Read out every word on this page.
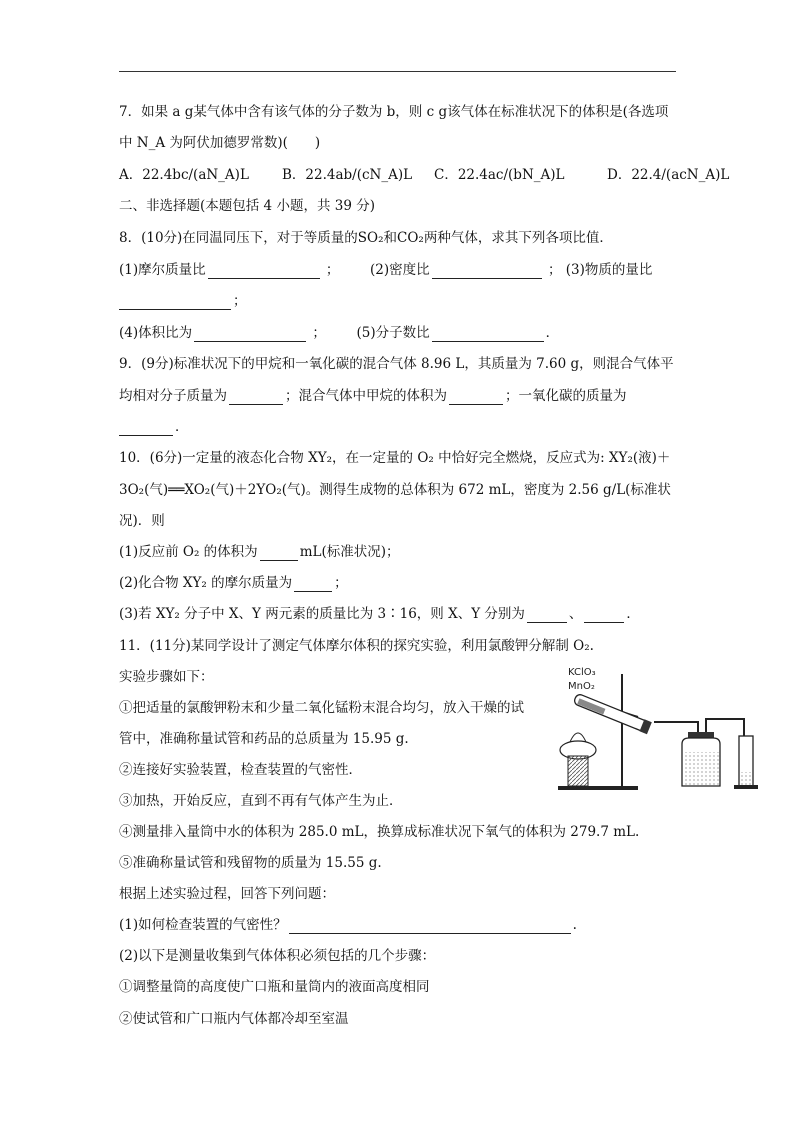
7．如果 a g某气体中含有该气体的分子数为 b，则 c g该气体在标准状况下的体积是(各选项
中 N_A 为阿伏加德罗常数)(　　)
A．22.4bc/(aN_A)L B．22.4ab/(cN_A)L C．22.4ac/(bN_A)L	D．22.4/(acN_A)L
二、非选择题(本题包括 4 小题，共 39 分)
8．(10分)在同温同压下，对于等质量的SO₂和CO₂两种气体，求其下列各项比值．
(1)摩尔质量比	； (2)密度比	； (3)物质的量比
；
(4)体积比为	； (5)分子数比	．
9．(9分)标准状况下的甲烷和一氧化碳的混合气体 8.96 L，其质量为 7.60 g，则混合气体平
均相对分子质量为	；混合气体中甲烷的体积为	；一氧化碳的质量为
．
10．(6分)一定量的液态化合物 XY₂，在一定量的 O₂ 中恰好完全燃烧，反应式为: XY₂(液)＋
3O₂(气)══XO₂(气)＋2YO₂(气)。测得生成物的总体积为 672 mL，密度为 2.56 g/L(标准状
况)．则
(1)反应前 O₂ 的体积为	mL(标准状况)；
(2)化合物 XY₂ 的摩尔质量为	；
(3)若 XY₂ 分子中 X、Y 两元素的质量比为 3∶16，则 X、Y 分别为	、	．
11．(11分)某同学设计了测定气体摩尔体积的探究实验，利用氯酸钾分解制 O₂.
实验步骤如下：
①把适量的氯酸钾粉末和少量二氧化锰粉末混合均匀，放入干燥的试
管中，准确称量试管和药品的总质量为 15.95 g.
②连接好实验装置，检查装置的气密性．
③加热，开始反应，直到不再有气体产生为止．
④测量排入量筒中水的体积为 285.0 mL，换算成标准状况下氧气的体积为 279.7 mL.
⑤准确称量试管和残留物的质量为 15.55 g.
根据上述实验过程，回答下列问题：
(1)如何检查装置的气密性？	.
(2)以下是测量收集到气体体积必须包括的几个步骤：
①调整量筒的高度使广口瓶和量筒内的液面高度相同
②使试管和广口瓶内气体都冷却至室温
KClO₃
MnO₂
